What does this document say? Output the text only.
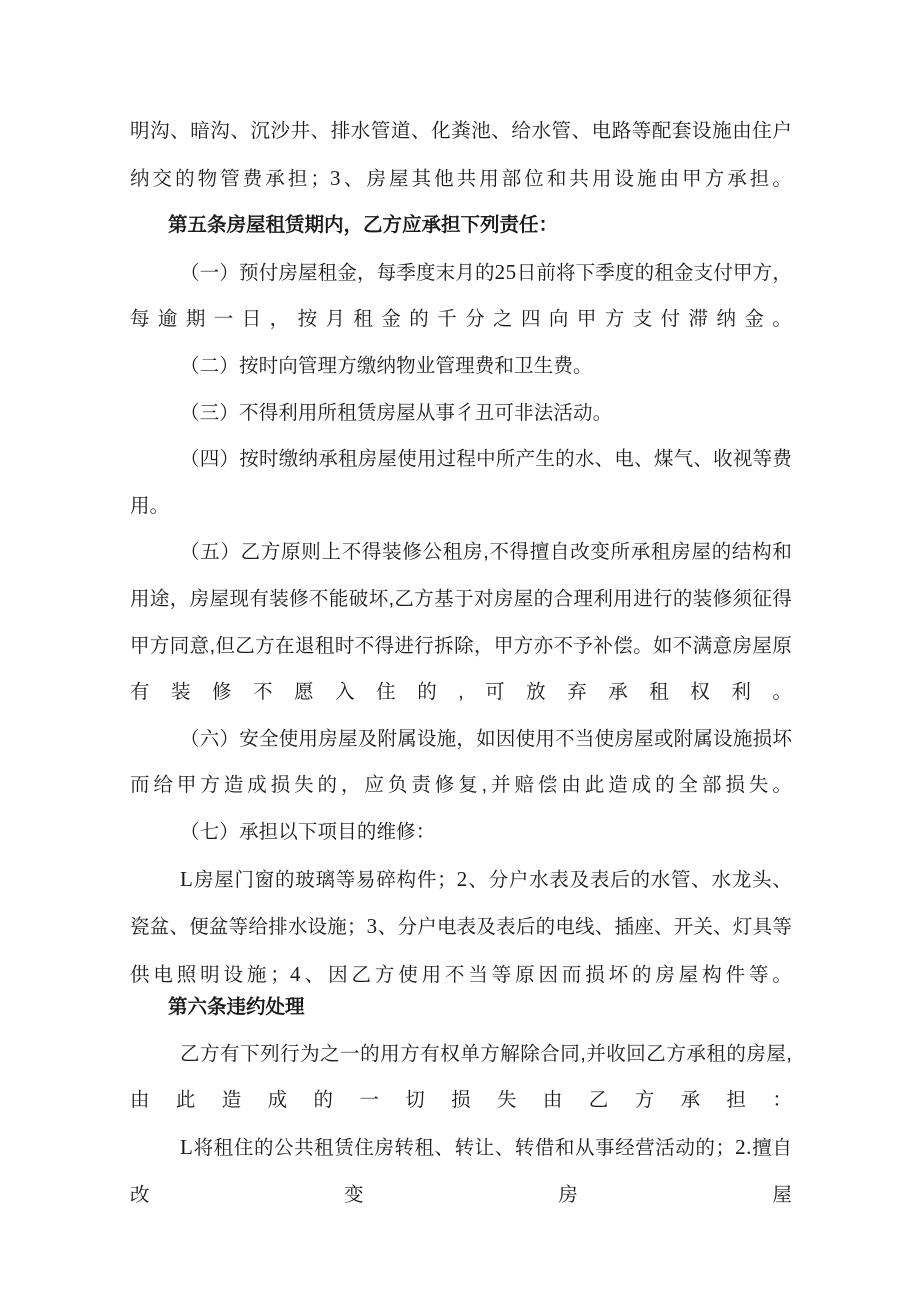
明沟、暗沟、沉沙井、排水管道、化粪池、给水管、电路等配套设施由住户纳交的物管费承担；3、房屋其他共用部位和共用设施由甲方承担。

第五条房屋租赁期内，乙方应承担下列责任：

（一）预付房屋租金，每季度末月的25日前将下季度的租金支付甲方，每逾期一日，按月租金的千分之四向甲方支付滞纳金。

（二）按时向管理方缴纳物业管理费和卫生费。

（三）不得利用所租赁房屋从事彳丑可非法活动。

（四）按时缴纳承租房屋使用过程中所产生的水、电、煤气、收视等费用。

（五）乙方原则上不得装修公租房,不得擅自改变所承租房屋的结构和用途，房屋现有装修不能破坏,乙方基于对房屋的合理利用进行的装修须征得甲方同意,但乙方在退租时不得进行拆除，甲方亦不予补偿。如不满意房屋原有装修不愿入住的,可放弃承租权利。

（六）安全使用房屋及附属设施，如因使用不当使房屋或附属设施损坏而给甲方造成损失的，应负责修复,并赔偿由此造成的全部损失。

（七）承担以下项目的维修：

L房屋门窗的玻璃等易碎构件；2、分户水表及表后的水管、水龙头、瓷盆、便盆等给排水设施；3、分户电表及表后的电线、插座、开关、灯具等供电照明设施；4、因乙方使用不当等原因而损坏的房屋构件等。

第六条违约处理

乙方有下列行为之一的用方有权单方解除合同,并收回乙方承租的房屋,由此造成的一切损失由乙方承担：

L将租住的公共租赁住房转租、转让、转借和从事经营活动的；2.擅自改变房屋
